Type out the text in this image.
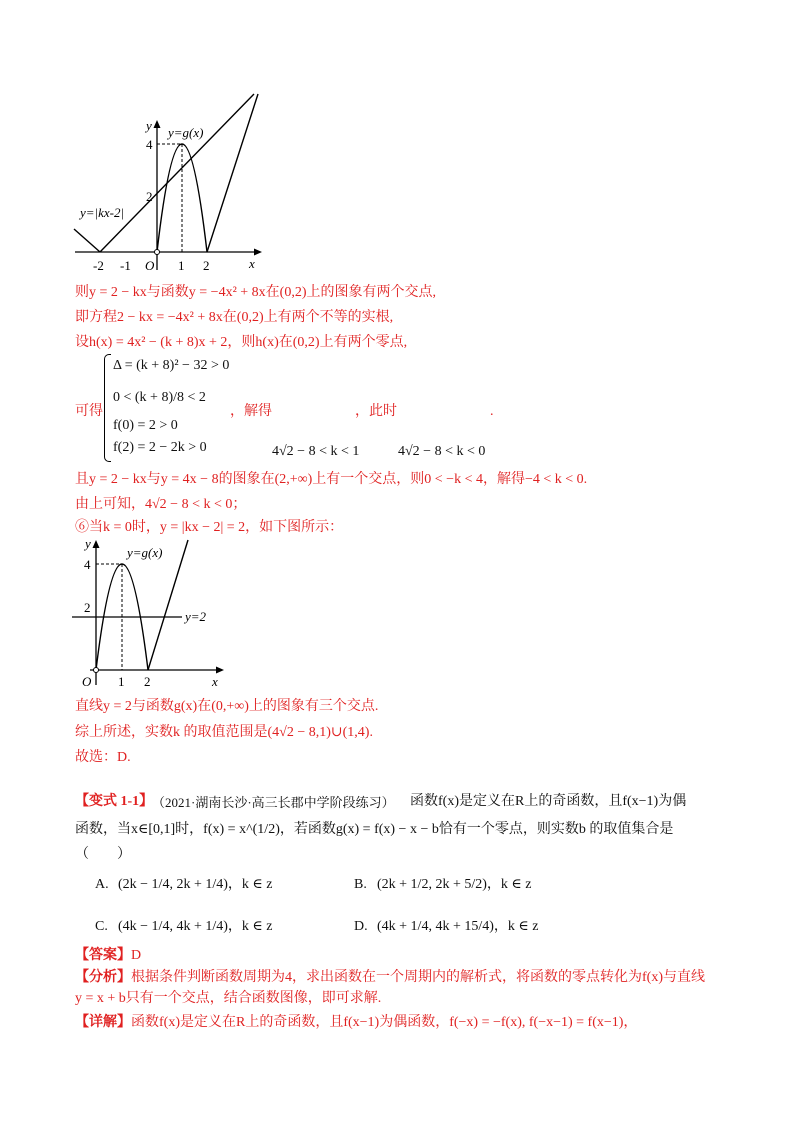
y
x
O
y=g(x)
y=|kx-2|
4
2
-2 -1	1 2
则y = 2 − kx与函数y = −4x² + 8x在(0,2)上的图象有两个交点,
即方程2 − kx = −4x² + 8x在(0,2)上有两个不等的实根,
设h(x) = 4x² − (k + 8)x + 2，则h(x)在(0,2)上有两个零点,
可得
Δ = (k + 8)² − 32 > 0
0 < (k + 8)/8 < 2
f(0) = 2 > 0
f(2) = 2 − 2k > 0
，解得	，此时	.
4√2 − 8 < k < 1	4√2 − 8 < k < 0
且y = 2 − kx与y = 4x − 8的图象在(2,+∞)上有一个交点，则0 < −k < 4，解得−4 < k < 0.
由上可知，4√2 − 8 < k < 0；
⑥当k = 0时，y = |kx − 2| = 2，如下图所示：
y
x
O
y=g(x)
y=2
4
2
1 2
直线y = 2与函数g(x)在(0,+∞)上的图象有三个交点.
综上所述，实数k 的取值范围是(4√2 − 8,1)∪(1,4).
故选：D.
【变式 1-1】
（2021·湖南长沙·高三长郡中学阶段练习） 函数f(x)是定义在R上的奇函数，且f(x−1)为偶
函数，当x∈[0,1]时，f(x) = x^(1/2)，若函数g(x) = f(x) − x − b恰有一个零点，则实数b 的取值集合是
（　　）
A. (2k − 1/4, 2k + 1/4)，k ∈ z	B. (2k + 1/2, 2k + 5/2)，k ∈ z
C. (4k − 1/4, 4k + 1/4)，k ∈ z	D. (4k + 1/4, 4k + 15/4)，k ∈ z
【答案】D
【分析】根据条件判断函数周期为4，求出函数在一个周期内的解析式，将函数的零点转化为f(x)与直线
y = x + b只有一个交点，结合函数图像，即可求解.
【详解】函数f(x)是定义在R上的奇函数，且f(x−1)为偶函数，f(−x) = −f(x), f(−x−1) = f(x−1)，
